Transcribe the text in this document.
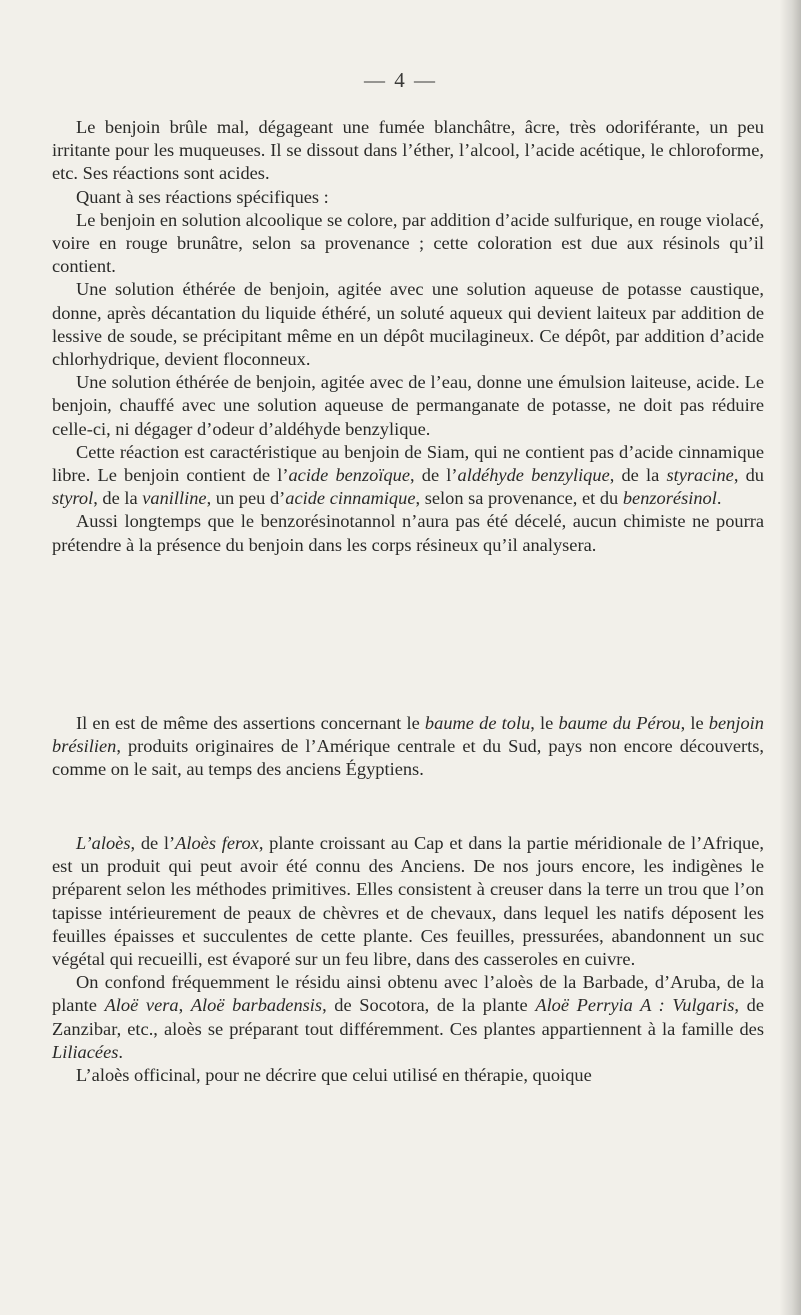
— 4 —

Le benjoin brûle mal, dégageant une fumée blanchâtre, âcre, très odoriférante, un peu irritante pour les muqueuses. Il se dissout dans l’éther, l’alcool, l’acide acétique, le chloroforme, etc. Ses réactions sont acides.

Quant à ses réactions spécifiques :

Le benjoin en solution alcoolique se colore, par addition d’acide sulfurique, en rouge violacé, voire en rouge brunâtre, selon sa provenance ; cette coloration est due aux résinols qu’il contient.

Une solution éthérée de benjoin, agitée avec une solution aqueuse de potasse caustique, donne, après décantation du liquide éthéré, un soluté aqueux qui devient laiteux par addition de lessive de soude, se précipitant même en un dépôt mucilagineux. Ce dépôt, par addition d’acide chlorhydrique, devient floconneux.

Une solution éthérée de benjoin, agitée avec de l’eau, donne une émulsion laiteuse, acide. Le benjoin, chauffé avec une solution aqueuse de permanganate de potasse, ne doit pas réduire celle-ci, ni dégager d’odeur d’aldéhyde benzylique.

Cette réaction est caractéristique au benjoin de Siam, qui ne contient pas d’acide cinnamique libre. Le benjoin contient de l’acide benzoïque, de l’aldéhyde benzylique, de la styracine, du styrol, de la vanilline, un peu d’acide cinnamique, selon sa provenance, et du benzorésinol.

Aussi longtemps que le benzorésinotannol n’aura pas été décelé, aucun chimiste ne pourra prétendre à la présence du benjoin dans les corps résineux qu’il analysera.

Il en est de même des assertions concernant le baume de tolu, le baume du Pérou, le benjoin brésilien, produits originaires de l’Amérique centrale et du Sud, pays non encore découverts, comme on le sait, au temps des anciens Égyptiens.

L’aloès, de l’Aloès ferox, plante croissant au Cap et dans la partie méridionale de l’Afrique, est un produit qui peut avoir été connu des Anciens. De nos jours encore, les indigènes le préparent selon les méthodes primitives. Elles consistent à creuser dans la terre un trou que l’on tapisse intérieurement de peaux de chèvres et de chevaux, dans lequel les natifs déposent les feuilles épaisses et succulentes de cette plante. Ces feuilles, pressurées, abandonnent un suc végétal qui recueilli, est évaporé sur un feu libre, dans des casseroles en cuivre.

On confond fréquemment le résidu ainsi obtenu avec l’aloès de la Barbade, d’Aruba, de la plante Aloë vera, Aloë barbadensis, de Socotora, de la plante Aloë Perryia A : Vulgaris, de Zanzibar, etc., aloès se préparant tout différemment. Ces plantes appartiennent à la famille des Liliacées.

L’aloès officinal, pour ne décrire que celui utilisé en thérapie, quoique
